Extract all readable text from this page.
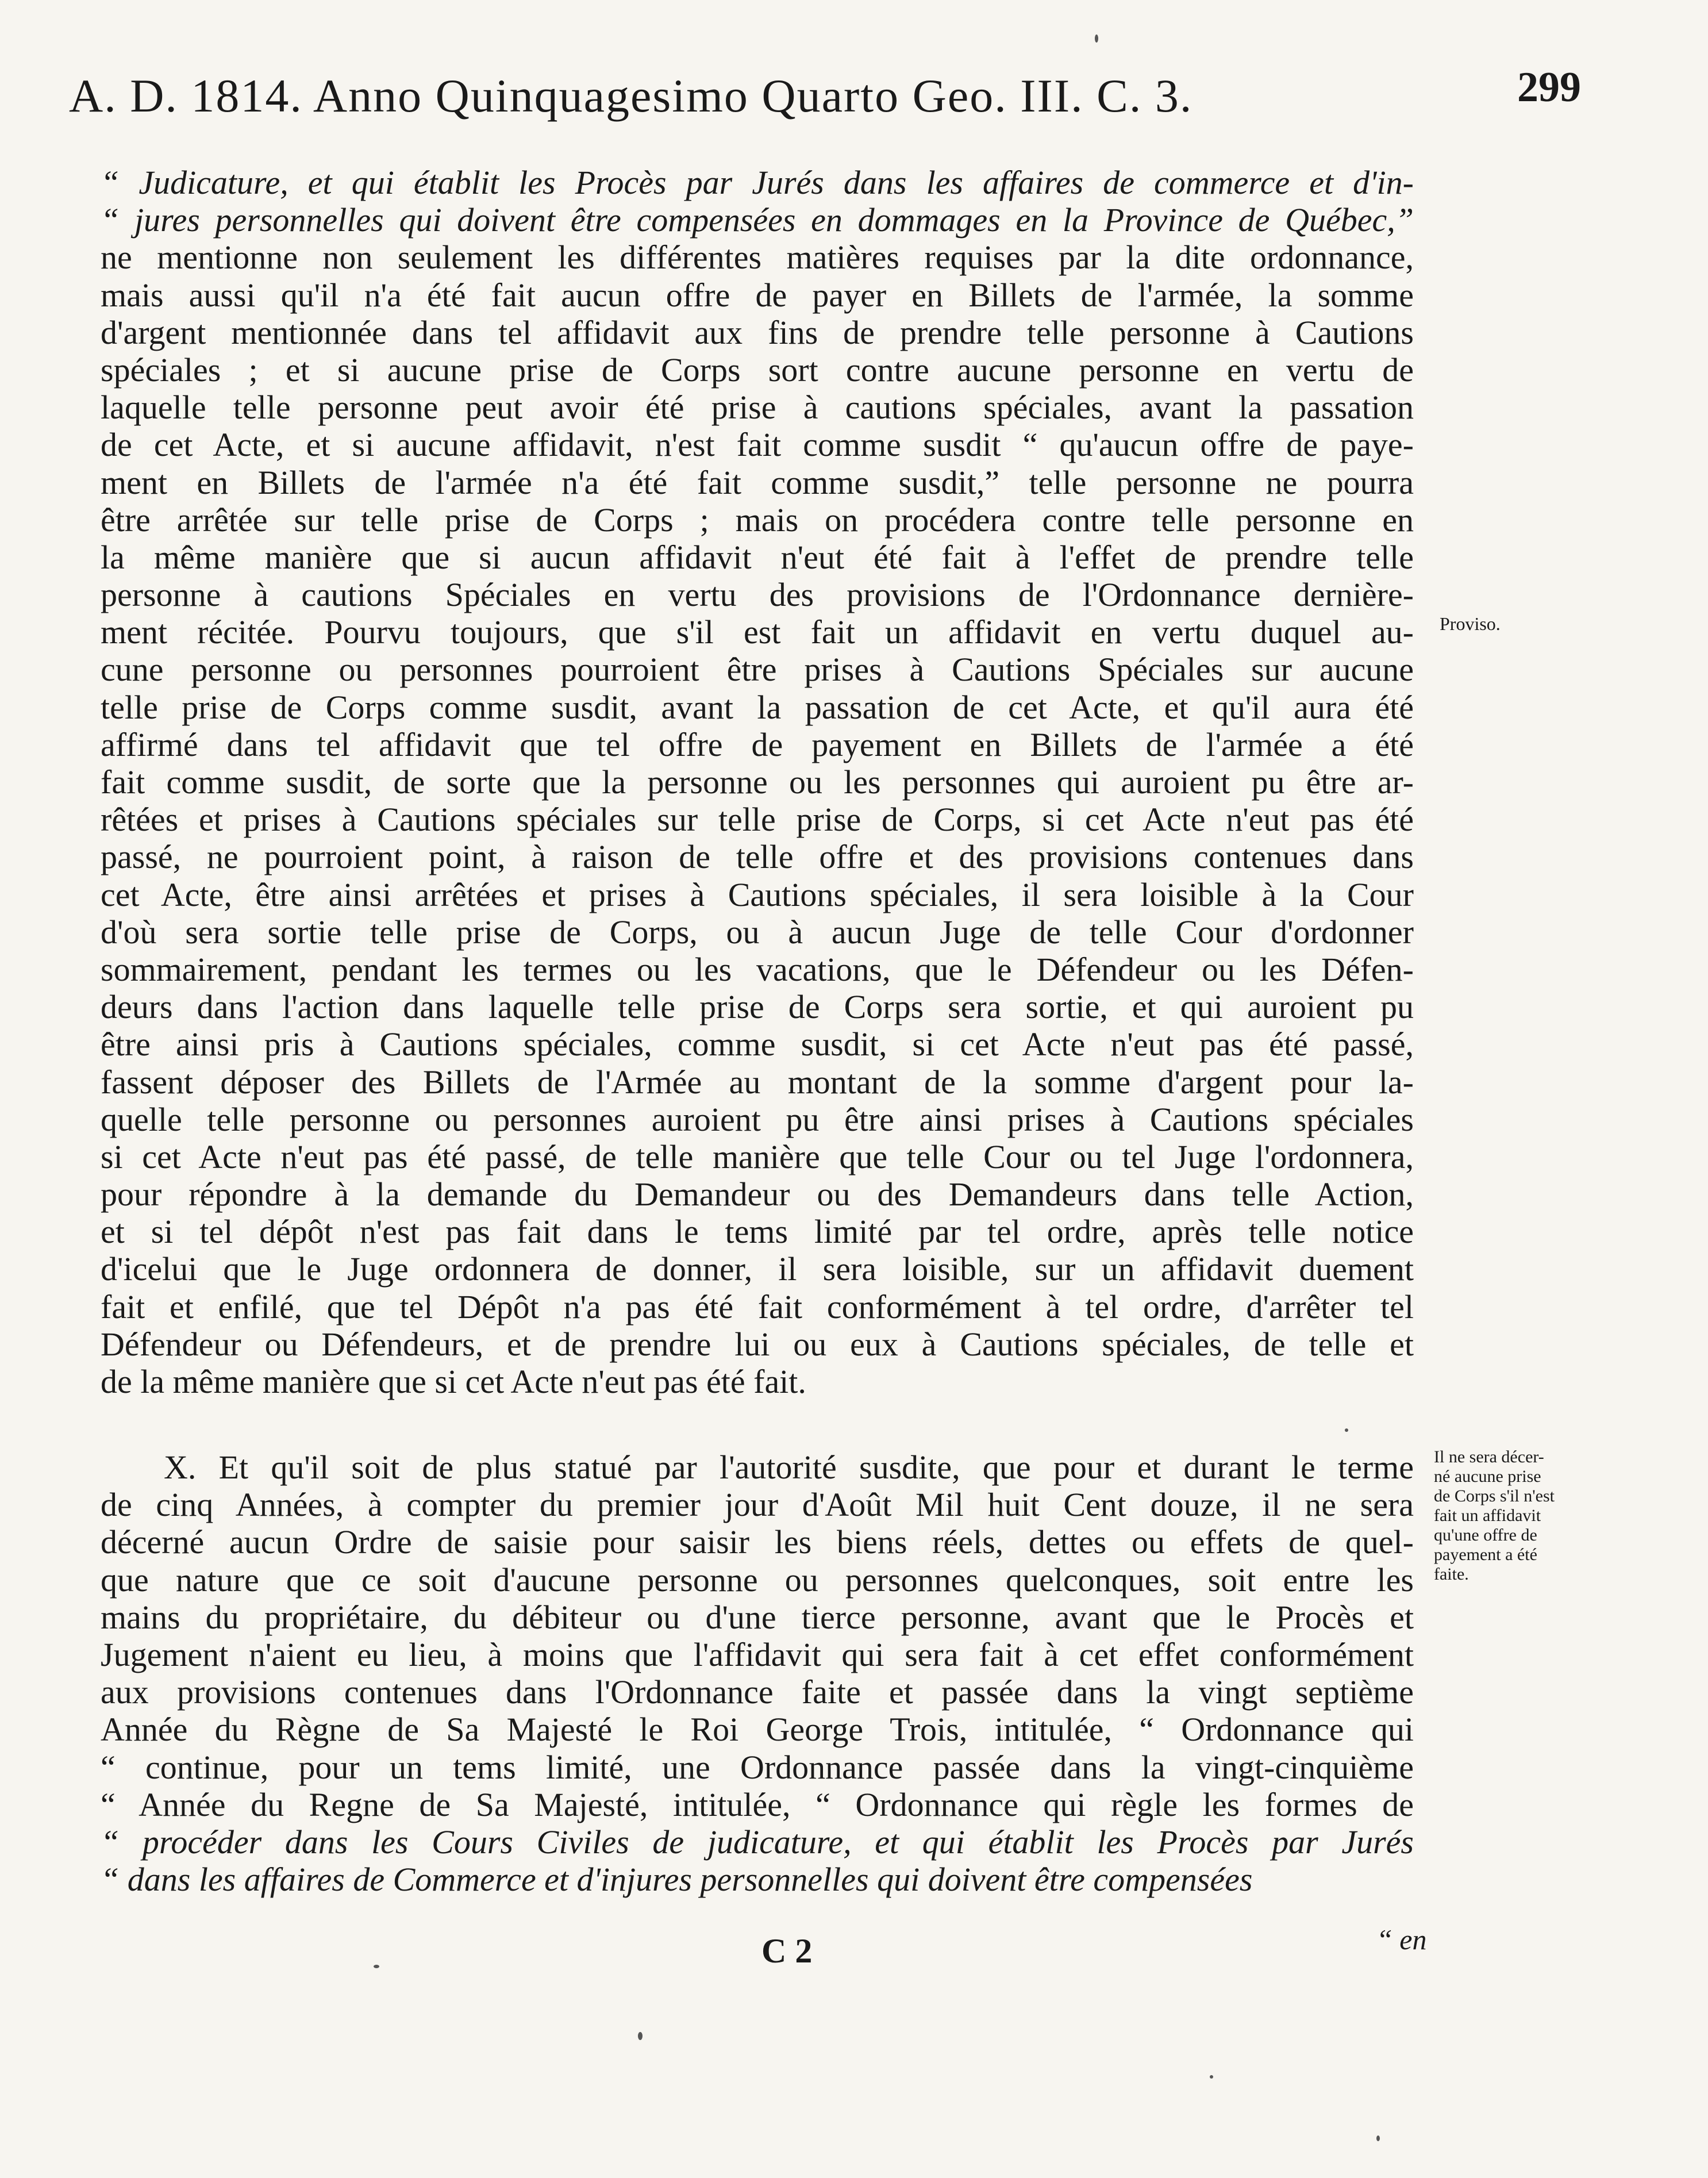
A. D. 1814. Anno Quinquagesimo Quarto Geo. III. C. 3.	299
“ Judicature, et qui établit les Procès par Jurés dans les affaires de commerce et d'in-
“ jures personnelles qui doivent être compensées en dommages en la Province de Québec,”
ne mentionne non seulement les différentes matières requises par la dite ordonnance,
mais aussi qu'il n'a été fait aucun offre de payer en Billets de l'armée, la somme
d'argent mentionnée dans tel affidavit aux fins de prendre telle personne à Cautions
spéciales ; et si aucune prise de Corps sort contre aucune personne en vertu de
laquelle telle personne peut avoir été prise à cautions spéciales, avant la passation
de cet Acte, et si aucune affidavit, n'est fait comme susdit “ qu'aucun offre de paye-
ment en Billets de l'armée n'a été fait comme susdit,” telle personne ne pourra
être arrêtée sur telle prise de Corps ; mais on procédera contre telle personne en
la même manière que si aucun affidavit n'eut été fait à l'effet de prendre telle
personne à cautions Spéciales en vertu des provisions de l'Ordonnance dernière-
ment récitée. Pourvu toujours, que s'il est fait un affidavit en vertu duquel au-
cune personne ou personnes pourroient être prises à Cautions Spéciales sur aucune
telle prise de Corps comme susdit, avant la passation de cet Acte, et qu'il aura été
affirmé dans tel affidavit que tel offre de payement en Billets de l'armée a été
fait comme susdit, de sorte que la personne ou les personnes qui auroient pu être ar-
rêtées et prises à Cautions spéciales sur telle prise de Corps, si cet Acte n'eut pas été
passé, ne pourroient point, à raison de telle offre et des provisions contenues dans
cet Acte, être ainsi arrêtées et prises à Cautions spéciales, il sera loisible à la Cour
d'où sera sortie telle prise de Corps, ou à aucun Juge de telle Cour d'ordonner
sommairement, pendant les termes ou les vacations, que le Défendeur ou les Défen-
deurs dans l'action dans laquelle telle prise de Corps sera sortie, et qui auroient pu
être ainsi pris à Cautions spéciales, comme susdit, si cet Acte n'eut pas été passé,
fassent déposer des Billets de l'Armée au montant de la somme d'argent pour la-
quelle telle personne ou personnes auroient pu être ainsi prises à Cautions spéciales
si cet Acte n'eut pas été passé, de telle manière que telle Cour ou tel Juge l'ordonnera,
pour répondre à la demande du Demandeur ou des Demandeurs dans telle Action,
et si tel dépôt n'est pas fait dans le tems limité par tel ordre, après telle notice
d'icelui que le Juge ordonnera de donner, il sera loisible, sur un affidavit duement
fait et enfilé, que tel Dépôt n'a pas été fait conformément à tel ordre, d'arrêter tel
Défendeur ou Défendeurs, et de prendre lui ou eux à Cautions spéciales, de telle et
de la même manière que si cet Acte n'eut pas été fait.
Proviso.
X. Et qu'il soit de plus statué par l'autorité susdite, que pour et durant le terme
de cinq Années, à compter du premier jour d'Août Mil huit Cent douze, il ne sera
décerné aucun Ordre de saisie pour saisir les biens réels, dettes ou effets de quel-
que nature que ce soit d'aucune personne ou personnes quelconques, soit entre les
mains du propriétaire, du débiteur ou d'une tierce personne, avant que le Procès et
Jugement n'aient eu lieu, à moins que l'affidavit qui sera fait à cet effet conformément
aux provisions contenues dans l'Ordonnance faite et passée dans la vingt septième
Année du Règne de Sa Majesté le Roi George Trois, intitulée, “ Ordonnance qui
“ continue, pour un tems limité, une Ordonnance passée dans la vingt-cinquième
“ Année du Regne de Sa Majesté, intitulée, “ Ordonnance qui règle les formes de
“ procéder dans les Cours Civiles de judicature, et qui établit les Procès par Jurés
“ dans les affaires de Commerce et d'injures personnelles qui doivent être compensées
Il ne sera décer-
né aucune prise
de Corps s'il n'est
fait un affidavit
qu'une offre de
payement a été
faite.
C 2	“ en
